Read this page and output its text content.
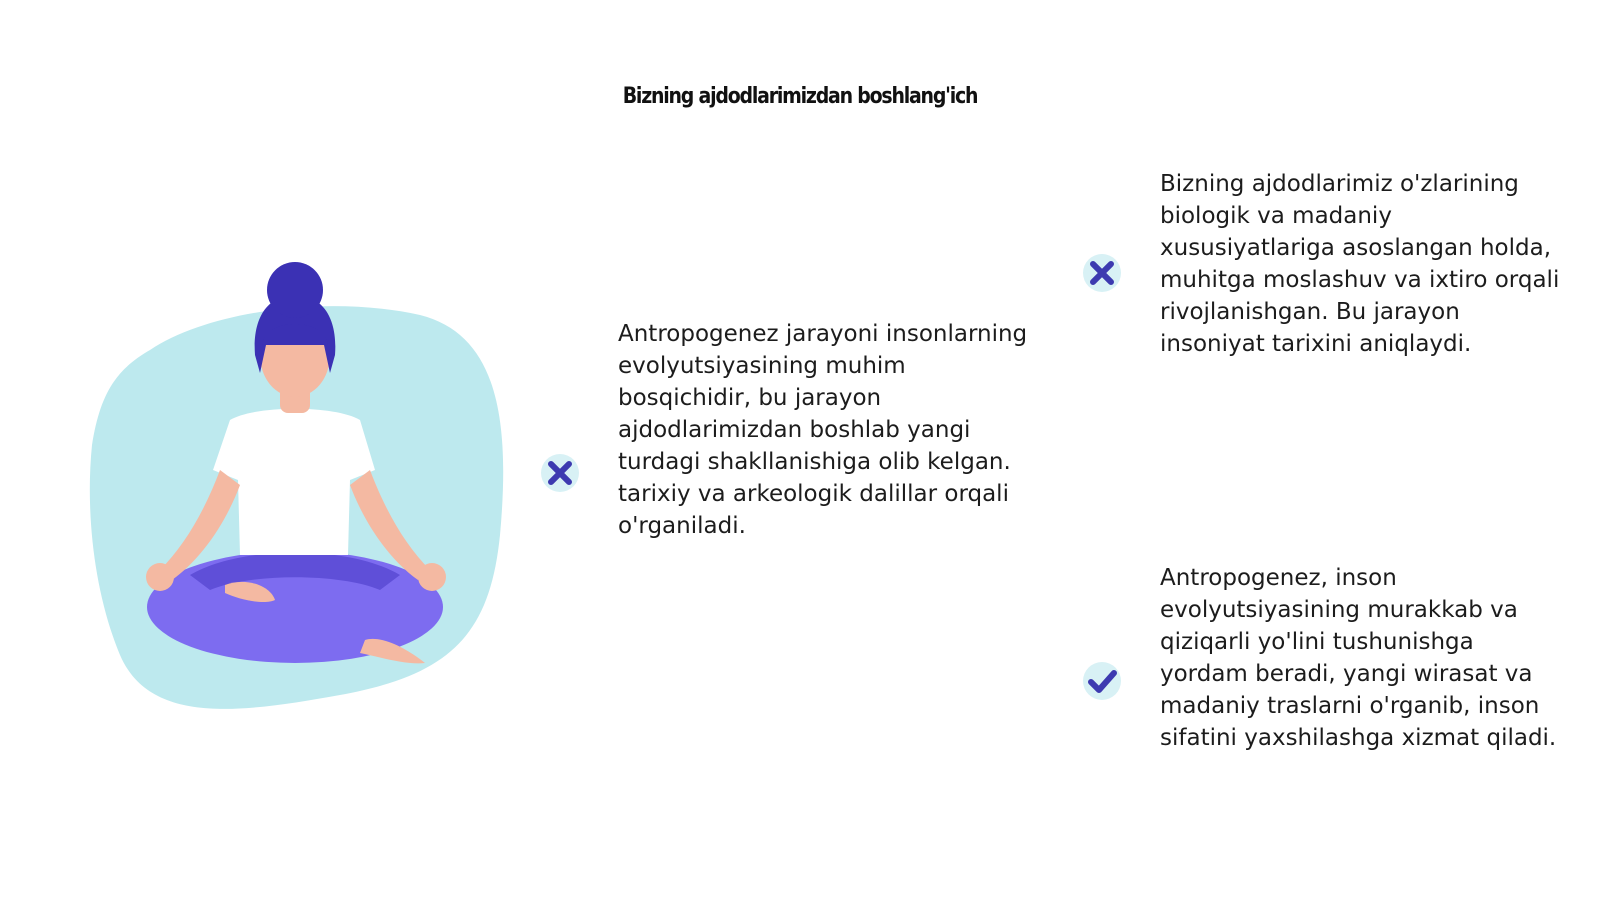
Bizning ajdodlarimizdan boshlang'ich

Antropogenez jarayoni insonlarning
evolyutsiyasining muhim
bosqichidir, bu jarayon
ajdodlarimizdan boshlab yangi
turdagi shakllanishiga olib kelgan.
tarixiy va arkeologik dalillar orqali
o'rganiladi.

Bizning ajdodlarimiz o'zlarining
biologik va madaniy
xususiyatlariga asoslangan holda,
muhitga moslashuv va ixtiro orqali
rivojlanishgan. Bu jarayon
insoniyat tarixini aniqlaydi.

Antropogenez, inson
evolyutsiyasining murakkab va
qiziqarli yo'lini tushunishga
yordam beradi, yangi wirasat va
madaniy traslarni o'rganib, inson
sifatini yaxshilashga xizmat qiladi.
